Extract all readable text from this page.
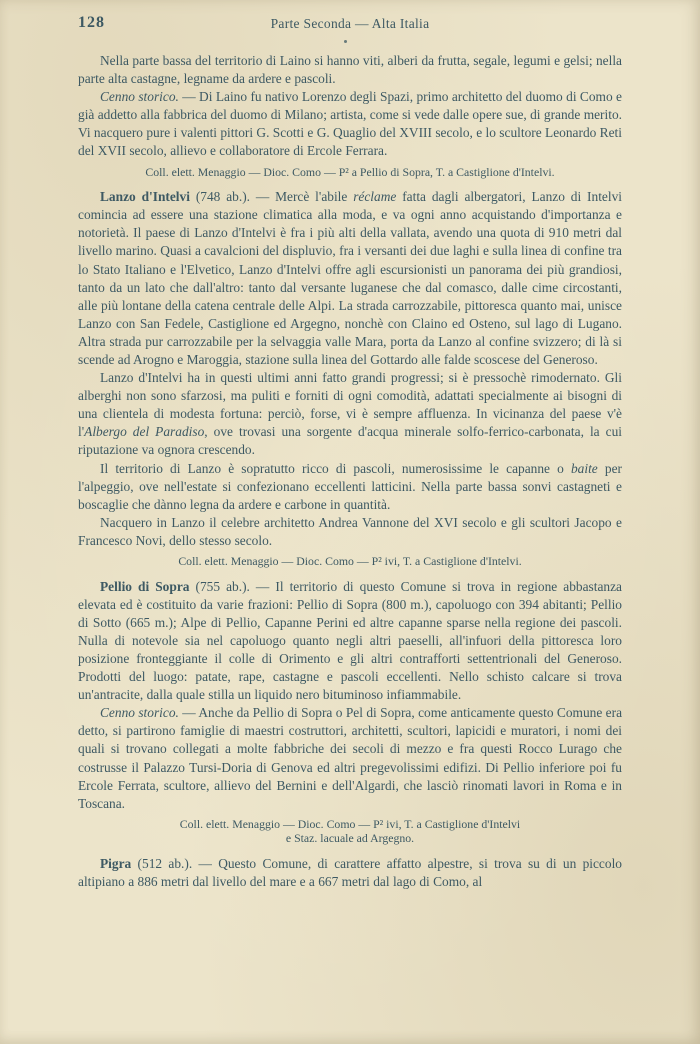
128	Parte Seconda — Alta Italia

Nella parte bassa del territorio di Laino si hanno viti, alberi da frutta, segale, legumi e gelsi; nella parte alta castagne, legname da ardere e pascoli.

Cenno storico. — Di Laino fu nativo Lorenzo degli Spazi, primo architetto del duomo di Como e già addetto alla fabbrica del duomo di Milano; artista, come si vede dalle opere sue, di grande merito. Vi nacquero pure i valenti pittori G. Scotti e G. Quaglio del XVIII secolo, e lo scultore Leonardo Reti del XVII secolo, allievo e collaboratore di Ercole Ferrara.

Coll. elett. Menaggio — Dioc. Como — P² a Pellio di Sopra, T. a Castiglione d'Intelvi.

Lanzo d'Intelvi (748 ab.). — Mercè l'abile réclame fatta dagli albergatori, Lanzo di Intelvi comincia ad essere una stazione climatica alla moda, e va ogni anno acquistando d'importanza e notorietà. Il paese di Lanzo d'Intelvi è fra i più alti della vallata, avendo una quota di 910 metri dal livello marino. Quasi a cavalcioni del displuvio, fra i versanti dei due laghi e sulla linea di confine tra lo Stato Italiano e l'Elvetico, Lanzo d'Intelvi offre agli escursionisti un panorama dei più grandiosi, tanto da un lato che dall'altro: tanto dal versante luganese che dal comasco, dalle cime circostanti, alle più lontane della catena centrale delle Alpi. La strada carrozzabile, pittoresca quanto mai, unisce Lanzo con San Fedele, Castiglione ed Argegno, nonchè con Claino ed Osteno, sul lago di Lugano. Altra strada pur carrozzabile per la selvaggia valle Mara, porta da Lanzo al confine svizzero; di là si scende ad Arogno e Maroggia, stazione sulla linea del Gottardo alle falde scoscese del Generoso.

Lanzo d'Intelvi ha in questi ultimi anni fatto grandi progressi; si è pressochè rimodernato. Gli alberghi non sono sfarzosi, ma puliti e forniti di ogni comodità, adattati specialmente ai bisogni di una clientela di modesta fortuna: perciò, forse, vi è sempre affluenza. In vicinanza del paese v'è l'Albergo del Paradiso, ove trovasi una sorgente d'acqua minerale solfo-ferrico-carbonata, la cui riputazione va ognora crescendo.

Il territorio di Lanzo è sopratutto ricco di pascoli, numerosissime le capanne o baite per l'alpeggio, ove nell'estate si confezionano eccellenti latticini. Nella parte bassa sonvi castagneti e boscaglie che dànno legna da ardere e carbone in quantità.

Nacquero in Lanzo il celebre architetto Andrea Vannone del XVI secolo e gli scultori Jacopo e Francesco Novi, dello stesso secolo.

Coll. elett. Menaggio — Dioc. Como — P² ivi, T. a Castiglione d'Intelvi.

Pellio di Sopra (755 ab.). — Il territorio di questo Comune si trova in regione abbastanza elevata ed è costituito da varie frazioni: Pellio di Sopra (800 m.), capoluogo con 394 abitanti; Pellio di Sotto (665 m.); Alpe di Pellio, Capanne Perini ed altre capanne sparse nella regione dei pascoli. Nulla di notevole sia nel capoluogo quanto negli altri paeselli, all'infuori della pittoresca loro posizione fronteggiante il colle di Orimento e gli altri contrafforti settentrionali del Generoso. Prodotti del luogo: patate, rape, castagne e pascoli eccellenti. Nello schisto calcare si trova un'antracite, dalla quale stilla un liquido nero bituminoso infiammabile.

Cenno storico. — Anche da Pellio di Sopra o Pel di Sopra, come anticamente questo Comune era detto, si partirono famiglie di maestri costruttori, architetti, scultori, lapicidi e muratori, i nomi dei quali si trovano collegati a molte fabbriche dei secoli di mezzo e fra questi Rocco Lurago che costrusse il Palazzo Tursi-Doria di Genova ed altri pregevolissimi edifizi. Di Pellio inferiore poi fu Ercole Ferrata, scultore, allievo del Bernini e dell'Algardi, che lasciò rinomati lavori in Roma e in Toscana.

Coll. elett. Menaggio — Dioc. Como — P² ivi, T. a Castiglione d'Intelvi
e Staz. lacuale ad Argegno.

Pigra (512 ab.). — Questo Comune, di carattere affatto alpestre, si trova su di un piccolo altipiano a 886 metri dal livello del mare e a 667 metri dal lago di Como, al
